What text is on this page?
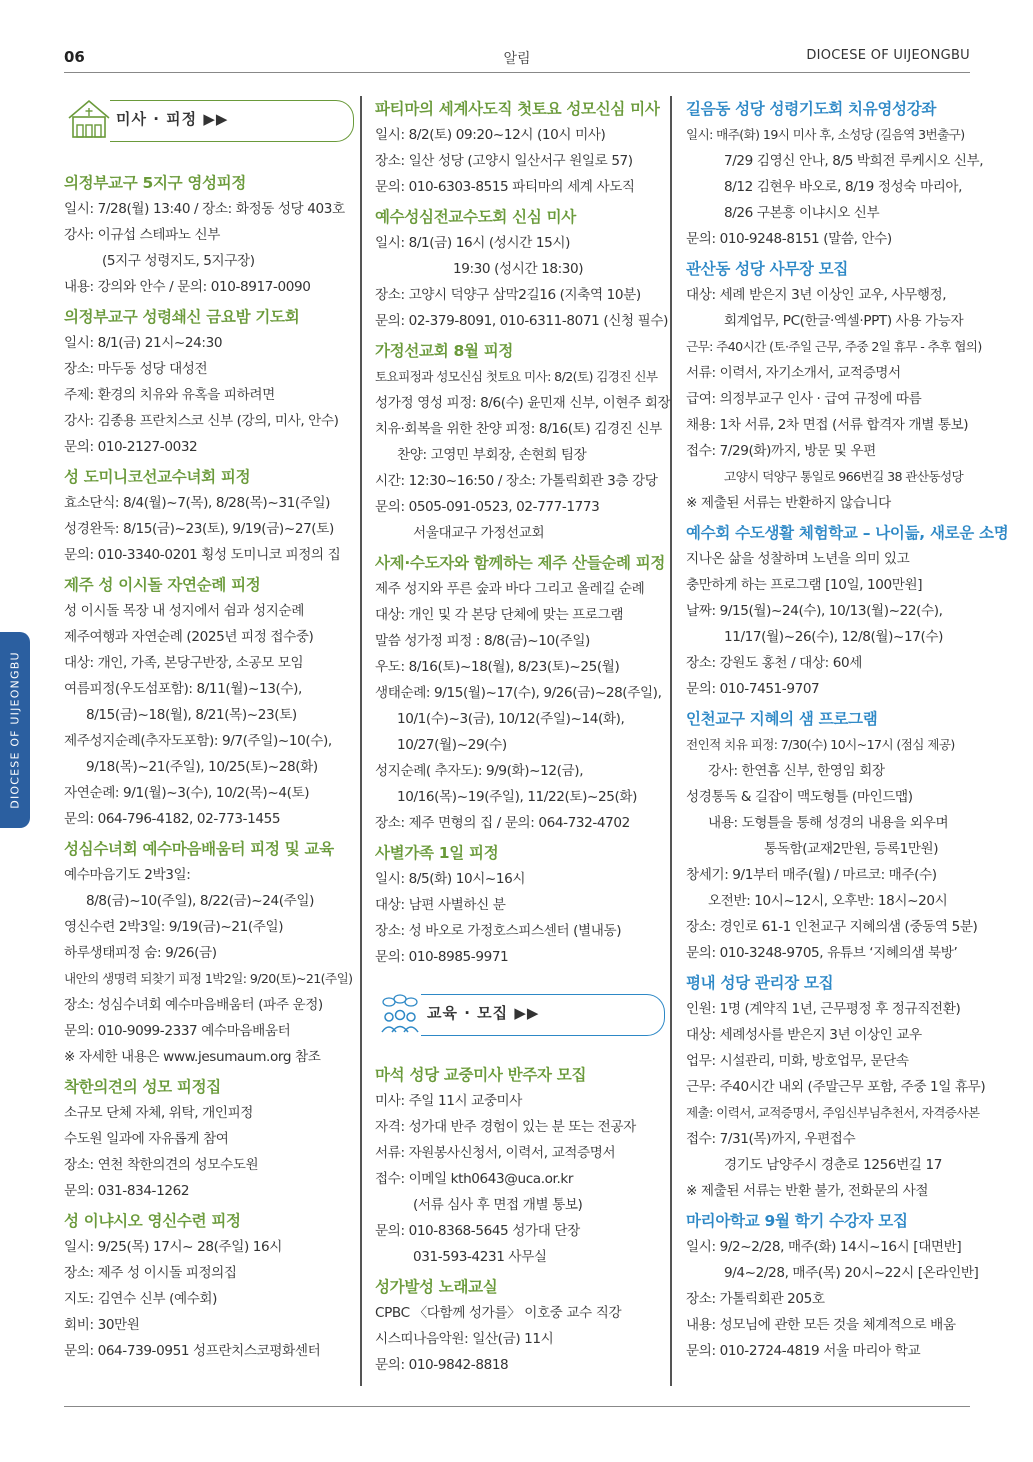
06	알림	DIOCESE OF UIJEONGBU
DIOCESE OF UIJEONGBU
미사 · 피정 ▶▶
의정부교구 5지구 영성피정
일시: 7/28(월) 13:40 / 장소: 화정동 성당 403호
강사: 이규섭 스테파노 신부
(5지구 성령지도, 5지구장)
내용: 강의와 안수 / 문의: 010-8917-0090
의정부교구 성령쇄신 금요밤 기도회
일시: 8/1(금) 21시~24:30
장소: 마두동 성당 대성전
주제: 환경의 치유와 유혹을 피하려면
강사: 김종용 프란치스코 신부 (강의, 미사, 안수)
문의: 010-2127-0032
성 도미니코선교수녀회 피정
효소단식: 8/4(월)~7(목), 8/28(목)~31(주일)
성경완독: 8/15(금)~23(토), 9/19(금)~27(토)
문의: 010-3340-0201 횡성 도미니코 피정의 집
제주 성 이시돌 자연순례 피정
성 이시돌 목장 내 성지에서 쉼과 성지순례
제주여행과 자연순례 (2025년 피정 접수중)
대상: 개인, 가족, 본당구반장, 소공모 모임
여름피정(우도섬포함): 8/11(월)~13(수),
8/15(금)~18(월), 8/21(목)~23(토)
제주성지순례(추자도포함): 9/7(주일)~10(수),
9/18(목)~21(주일), 10/25(토)~28(화)
자연순례: 9/1(월)~3(수), 10/2(목)~4(토)
문의: 064-796-4182, 02-773-1455
성심수녀회 예수마음배움터 피정 및 교육
예수마음기도 2박3일:
8/8(금)~10(주일), 8/22(금)~24(주일)
영신수련 2박3일: 9/19(금)~21(주일)
하루생태피정 숨: 9/26(금)
내안의 생명력 되찾기 피정 1박2일: 9/20(토)~21(주일)
장소: 성심수녀회 예수마음배움터 (파주 운정)
문의: 010-9099-2337 예수마음배움터
※ 자세한 내용은 www.jesumaum.org 참조
착한의견의 성모 피정집
소규모 단체 자체, 위탁, 개인피정
수도원 일과에 자유롭게 참여
장소: 연천 착한의견의 성모수도원
문의: 031-834-1262
성 이냐시오 영신수련 피정
일시: 9/25(목) 17시~ 28(주일) 16시
장소: 제주 성 이시돌 피정의집
지도: 김연수 신부 (예수회)
회비: 30만원
문의: 064-739-0951 성프란치스코평화센터
파티마의 세계사도직 첫토요 성모신심 미사
일시: 8/2(토) 09:20~12시 (10시 미사)
장소: 일산 성당 (고양시 일산서구 원일로 57)
문의: 010-6303-8515 파티마의 세계 사도직
예수성심전교수도회 신심 미사
일시: 8/1(금) 16시 (성시간 15시)
19:30 (성시간 18:30)
장소: 고양시 덕양구 삼막2길16 (지축역 10분)
문의: 02-379-8091, 010-6311-8071 (신청 필수)
가정선교회 8월 피정
토요피정과 성모신심 첫토요 미사: 8/2(토) 김경진 신부
성가정 영성 피정: 8/6(수) 윤민재 신부, 이현주 회장
치유·회복을 위한 찬양 피정: 8/16(토) 김경진 신부
찬양: 고영민 부회장, 손현희 팀장
시간: 12:30~16:50 / 장소: 가톨릭회관 3층 강당
문의: 0505-091-0523, 02-777-1773
서울대교구 가정선교회
사제·수도자와 함께하는 제주 산들순례 피정
제주 성지와 푸른 숲과 바다 그리고 올레길 순례
대상: 개인 및 각 본당 단체에 맞는 프로그램
말씀 성가정 피정 : 8/8(금)~10(주일)
우도: 8/16(토)~18(월), 8/23(토)~25(월)
생태순례: 9/15(월)~17(수), 9/26(금)~28(주일),
10/1(수)~3(금), 10/12(주일)~14(화),
10/27(월)~29(수)
성지순례( 추자도): 9/9(화)~12(금),
10/16(목)~19(주일), 11/22(토)~25(화)
장소: 제주 면형의 집 / 문의: 064-732-4702
사별가족 1일 피정
일시: 8/5(화) 10시~16시
대상: 남편 사별하신 분
장소: 성 바오로 가정호스피스센터 (별내동)
문의: 010-8985-9971
교육 · 모집 ▶▶
마석 성당 교중미사 반주자 모집
미사: 주일 11시 교중미사
자격: 성가대 반주 경험이 있는 분 또는 전공자
서류: 자원봉사신청서, 이력서, 교적증명서
접수: 이메일 kth0643@uca.or.kr
(서류 심사 후 면접 개별 통보)
문의: 010-8368-5645 성가대 단장
031-593-4231 사무실
성가발성 노래교실
CPBC 〈다함께 성가를〉 이호중 교수 직강
시스띠나음악원: 일산(금) 11시
문의: 010-9842-8818
길음동 성당 성령기도회 치유영성강좌
일시: 매주(화) 19시 미사 후, 소성당 (길음역 3번출구)
7/29 김영신 안나, 8/5 박희전 루케시오 신부,
8/12 김현우 바오로, 8/19 정성숙 마리아,
8/26 구본흥 이냐시오 신부
문의: 010-9248-8151 (말씀, 안수)
관산동 성당 사무장 모집
대상: 세례 받은지 3년 이상인 교우, 사무행정,
회계업무, PC(한글·엑셀·PPT) 사용 가능자
근무: 주40시간 (토·주일 근무, 주중 2일 휴무 - 추후 협의)
서류: 이력서, 자기소개서, 교적증명서
급여: 의정부교구 인사 · 급여 규정에 따름
채용: 1차 서류, 2차 면접 (서류 합격자 개별 통보)
접수: 7/29(화)까지, 방문 및 우편
고양시 덕양구 통일로 966번길 38 관산동성당
※ 제출된 서류는 반환하지 않습니다
예수회 수도생활 체험학교 – 나이듦, 새로운 소명
지나온 삶을 성찰하며 노년을 의미 있고
충만하게 하는 프로그램 [10일, 100만원]
날짜: 9/15(월)~24(수), 10/13(월)~22(수),
11/17(월)~26(수), 12/8(월)~17(수)
장소: 강원도 홍천 / 대상: 60세
문의: 010-7451-9707
인천교구 지혜의 샘 프로그램
전인적 치유 피정: 7/30(수) 10시~17시 (점심 제공)
강사: 한연흠 신부, 한영임 회장
성경통독 & 길잡이 맥도형틀 (마인드맵)
내용: 도형틀을 통해 성경의 내용을 외우며
통독함(교재2만원, 등록1만원)
창세기: 9/1부터 매주(월) / 마르코: 매주(수)
오전반: 10시~12시, 오후반: 18시~20시
장소: 경인로 61-1 인천교구 지혜의샘 (중동역 5분)
문의: 010-3248-9705, 유튜브 ‘지혜의샘 북방’
평내 성당 관리장 모집
인원: 1명 (계약직 1년, 근무평정 후 정규직전환)
대상: 세례성사를 받은지 3년 이상인 교우
업무: 시설관리, 미화, 방호업무, 문단속
근무: 주40시간 내외 (주말근무 포함, 주중 1일 휴무)
제출: 이력서, 교적증명서, 주임신부님추천서, 자격증사본
접수: 7/31(목)까지, 우편접수
경기도 남양주시 경춘로 1256번길 17
※ 제출된 서류는 반환 불가, 전화문의 사절
마리아학교 9월 학기 수강자 모집
일시: 9/2~2/28, 매주(화) 14시~16시 [대면반]
9/4~2/28, 매주(목) 20시~22시 [온라인반]
장소: 가톨릭회관 205호
내용: 성모님에 관한 모든 것을 체계적으로 배움
문의: 010-2724-4819 서울 마리아 학교
